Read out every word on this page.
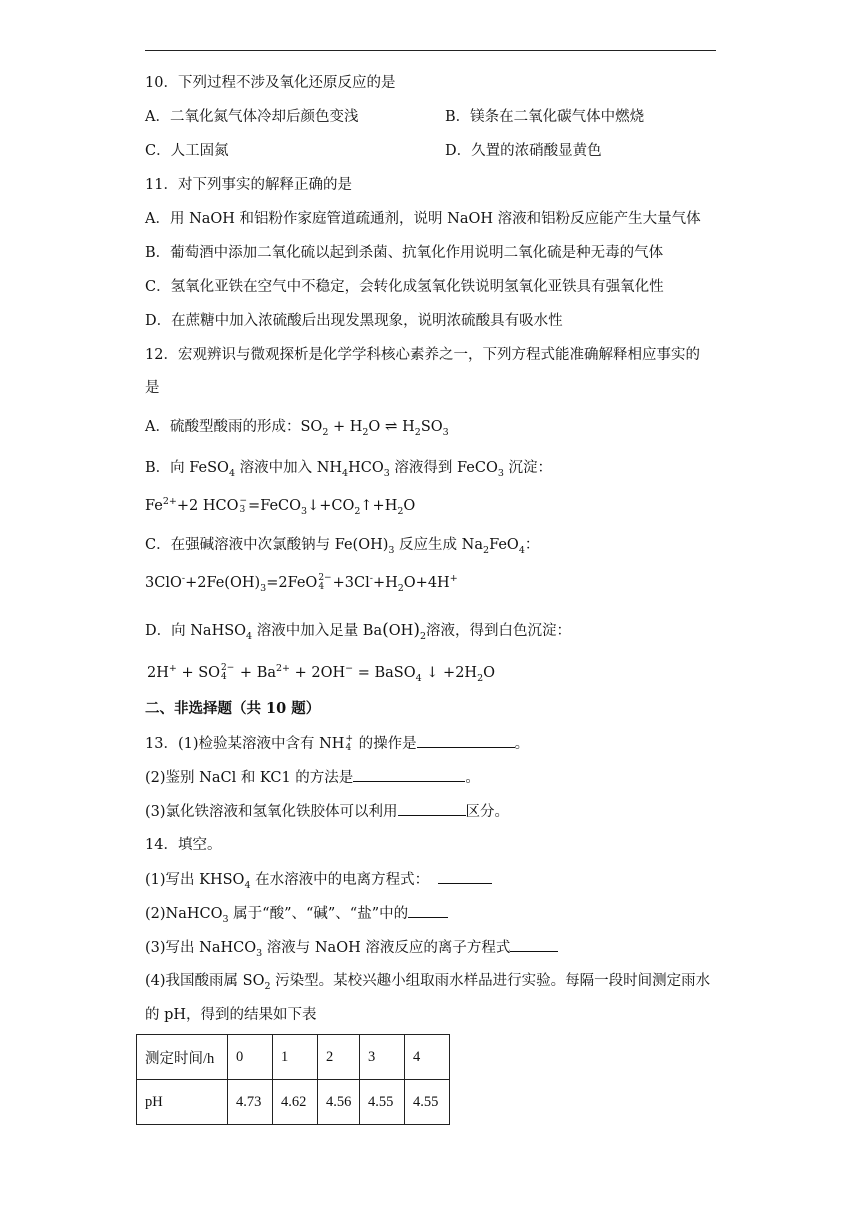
10．下列过程不涉及氧化还原反应的是
A．二氧化氮气体冷却后颜色变浅	B．镁条在二氧化碳气体中燃烧
C．人工固氮	D．久置的浓硝酸显黄色
11．对下列事实的解释正确的是
A．用 NaOH 和铝粉作家庭管道疏通剂，说明 NaOH 溶液和铝粉反应能产生大量气体
B．葡萄酒中添加二氧化硫以起到杀菌、抗氧化作用说明二氧化硫是种无毒的气体
C．氢氧化亚铁在空气中不稳定，会转化成氢氧化铁说明氢氧化亚铁具有强氧化性
D．在蔗糖中加入浓硫酸后出现发黑现象，说明浓硫酸具有吸水性
12．宏观辨识与微观探析是化学学科核心素养之一，下列方程式能准确解释相应事实的
是
A．硫酸型酸雨的形成：$SO_2 + H_2O$ ⇌ $H_2SO_3$
B．向 FeSO$_4$ 溶液中加入 $NH_4HCO_3$ 溶液得到 FeCO$_3$ 沉淀：
$Fe^{2+}+2$ HCO −
$3 =FeCO_3↓+CO_2↑+H_2O$
C．在强碱溶液中次氯酸钠与 $Fe(OH)_3$ 反应生成 $Na_2FeO_4$：
$3ClO^-+2Fe(OH)_3=2FeO$ 2−
$4 +3Cl^-+H_2O+4H^+$
D．向 NaHSO$_4$ 溶液中加入足量 $Ba(OH)_2$溶液，得到白色沉淀：
2H+ + SO 2−
$4 + Ba^{2+} + 2OH^-$ = BaSO$_4$ ↓ $+2H_2O$
二、非选择题（共 10 题）
13．(1)检验某溶液中含有 NH +
4 的操作是	。
(2)鉴别 NaCl 和 KC1 的方法是	。
(3)氯化铁溶液和氢氧化铁胶体可以利用	区分。
14．填空。
(1)写出 $KHSO_4$ 在水溶液中的电离方程式：
(2)NaHCO$_3$ 属于“酸”、“碱”、“盐”中的
(3)写出 NaHCO$_3$ 溶液与 NaOH 溶液反应的离子方程式
(4)我国酸雨属 $SO_2$ 污染型。某校兴趣小组取雨水样品进行实验。每隔一段时间测定雨水
的 pH，得到的结果如下表
测定时间/h	0	1	2	3	4
pH	4.73	4.62	4.56	4.55	4.55
